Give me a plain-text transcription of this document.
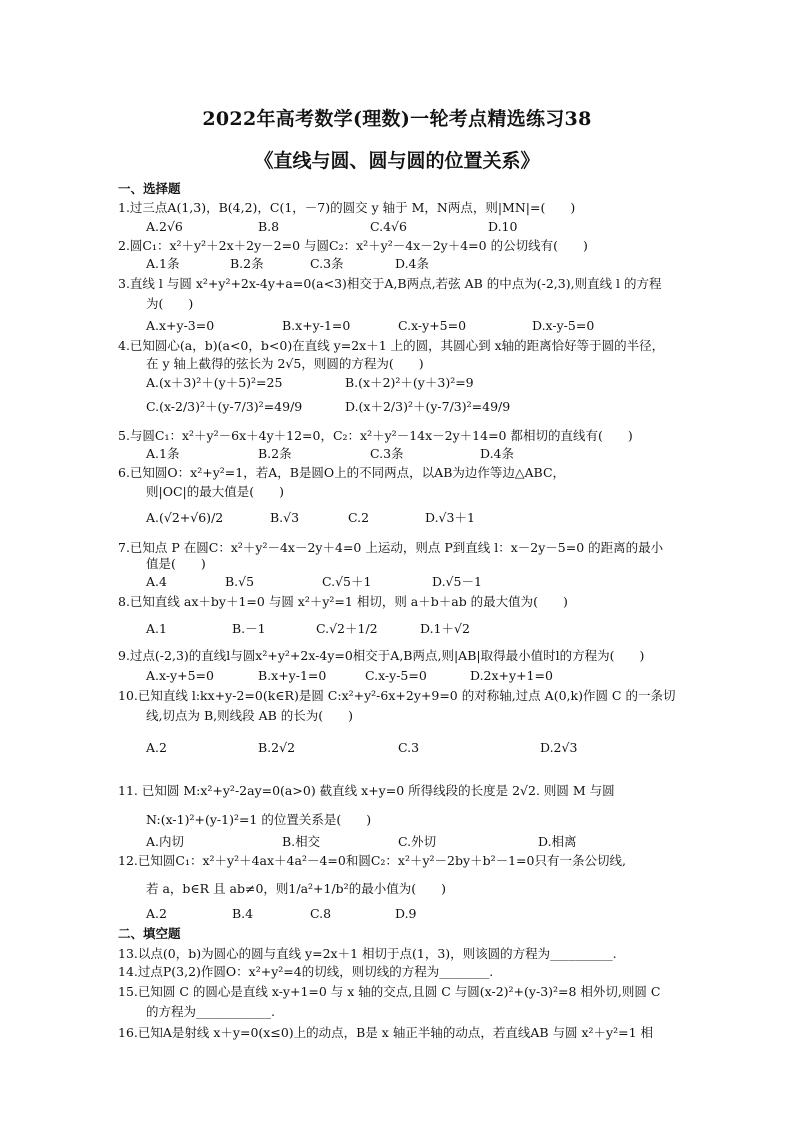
2022年高考数学(理数)一轮考点精选练习38
《直线与圆、圆与圆的位置关系》
一、选择题
1.过三点A(1,3)，B(4,2)，C(1，－7)的圆交 y 轴于 M，N两点，则|MN|=(　　)
A.2√6	B.8	C.4√6	D.10
2.圆C₁：x²＋y²＋2x＋2y－2=0 与圆C₂：x²＋y²－4x－2y＋4=0 的公切线有(　　)
A.1条	B.2条	C.3条	D.4条
3.直线 l 与圆 x²+y²+2x-4y+a=0(a<3)相交于A,B两点,若弦 AB 的中点为(-2,3),则直线 l 的方程
为(　　)
A.x+y-3=0	B.x+y-1=0	C.x-y+5=0	D.x-y-5=0
4.已知圆心(a，b)(a<0，b<0)在直线 y=2x＋1 上的圆，其圆心到 x轴的距离恰好等于圆的半径，
在 y 轴上截得的弦长为 2√5，则圆的方程为(　　)
A.(x＋3)²＋(y＋5)²=25	B.(x＋2)²＋(y＋3)²=9
C.(x-2/3)²＋(y-7/3)²=49/9	D.(x＋2/3)²＋(y-7/3)²=49/9
5.与圆C₁：x²＋y²－6x＋4y＋12=0，C₂：x²＋y²－14x－2y＋14=0 都相切的直线有(　　)
A.1条	B.2条	C.3条	D.4条
6.已知圆O：x²+y²=1，若A，B是圆O上的不同两点，以AB为边作等边△ABC，
则|OC|的最大值是(　　)
A.(√2+√6)/2	B.√3	C.2	D.√3＋1
7.已知点 P 在圆C：x²＋y²－4x－2y＋4=0 上运动，则点 P到直线 l：x－2y－5=0 的距离的最小
值是(　　)
A.4	B.√5	C.√5＋1	D.√5－1
8.已知直线 ax＋by＋1=0 与圆 x²＋y²=1 相切，则 a＋b＋ab 的最大值为(　　)
A.1	B.－1	C.√2＋1/2	D.1＋√2
9.过点(-2,3)的直线l与圆x²+y²+2x-4y=0相交于A,B两点,则|AB|取得最小值时l的方程为(　　)
A.x-y+5=0	B.x+y-1=0	C.x-y-5=0	D.2x+y+1=0
10.已知直线 l:kx+y-2=0(k∈R)是圆 C:x²+y²-6x+2y+9=0 的对称轴,过点 A(0,k)作圆 C 的一条切
线,切点为 B,则线段 AB 的长为(　　)
A.2	B.2√2	C.3	D.2√3
11. 已知圆 M:x²+y²-2ay=0(a>0) 截直线 x+y=0 所得线段的长度是 2√2. 则圆 M 与圆
N:(x-1)²+(y-1)²=1 的位置关系是(　　)
A.内切	B.相交	C.外切	D.相离
12.已知圆C₁：x²＋y²＋4ax＋4a²－4=0和圆C₂：x²＋y²－2by＋b²－1=0只有一条公切线,
若 a，b∈R 且 ab≠0，则1/a²+1/b²的最小值为(　　)
A.2	B.4	C.8	D.9
二、填空题
13.以点(0，b)为圆心的圆与直线 y=2x＋1 相切于点(1，3)，则该圆的方程为__________.
14.过点P(3,2)作圆O：x²+y²=4的切线，则切线的方程为________.
15.已知圆 C 的圆心是直线 x-y+1=0 与 x 轴的交点,且圆 C 与圆(x-2)²+(y-3)²=8 相外切,则圆 C
的方程为____________.
16.已知A是射线 x＋y=0(x≤0)上的动点，B是 x 轴正半轴的动点，若直线AB 与圆 x²＋y²=1 相
